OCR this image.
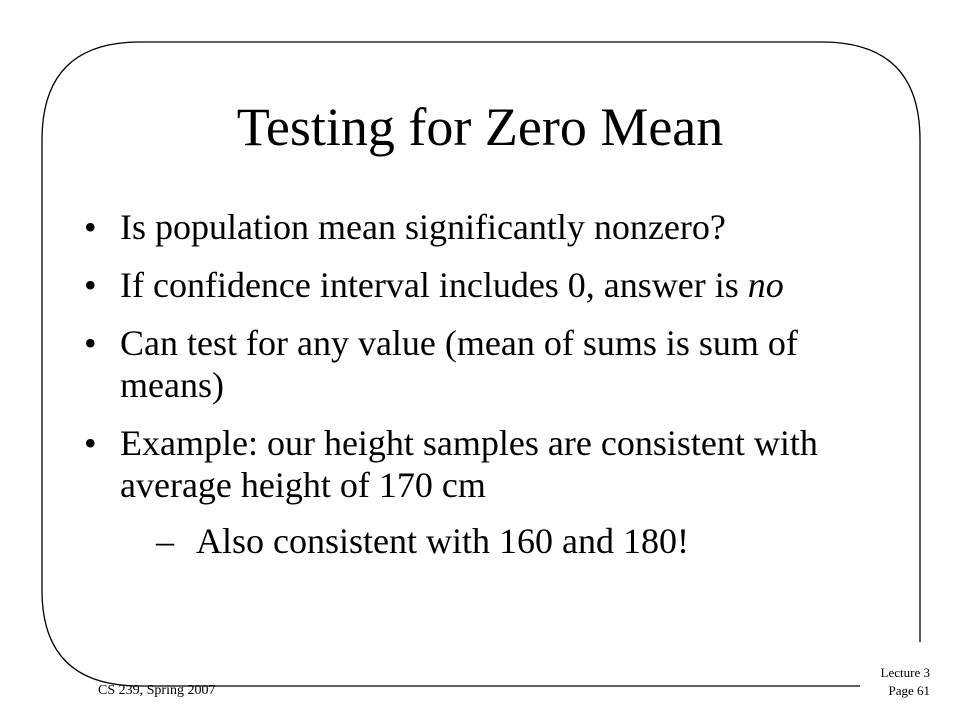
Testing for Zero Mean
• Is population mean significantly nonzero?
• If confidence interval includes 0, answer is no
• Can test for any value (mean of sums is sum of means)
• Example: our height samples are consistent with average height of 170 cm
– Also consistent with 160 and 180!
CS 239, Spring 2007
Lecture 3
Page 61
